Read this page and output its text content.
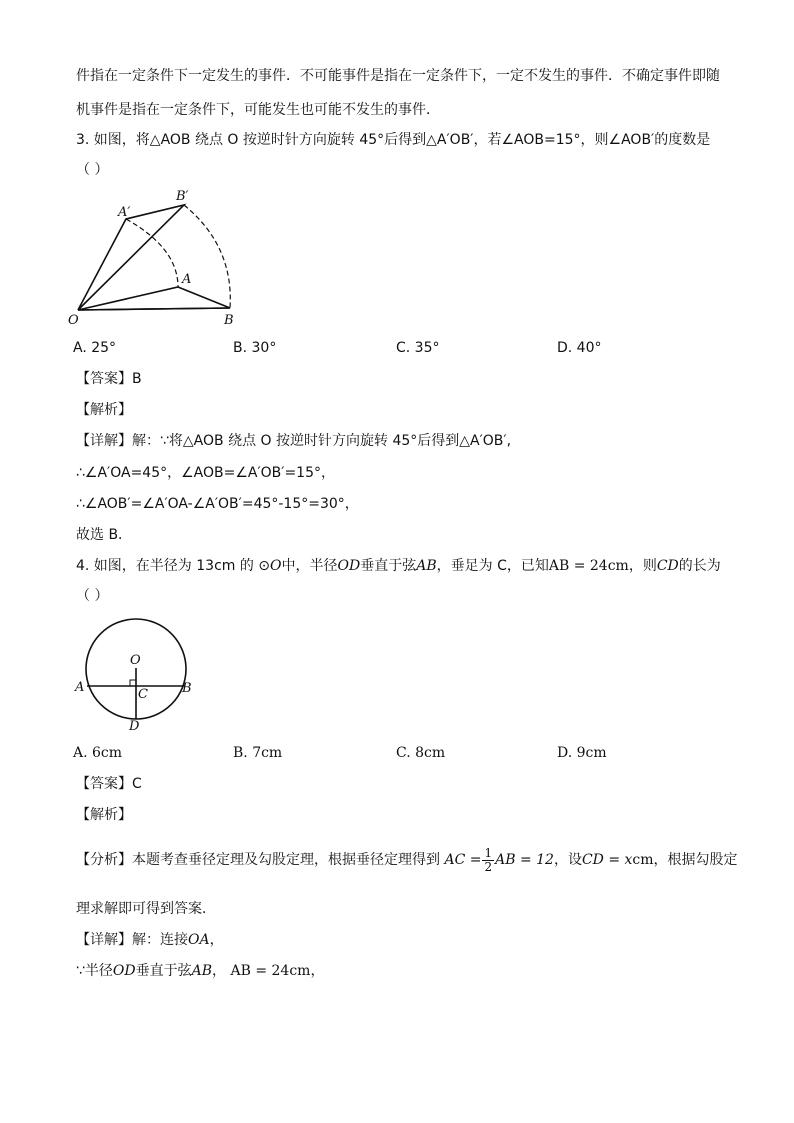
件指在一定条件下一定发生的事件．不可能事件是指在一定条件下，一定不发生的事件．不确定事件即随
机事件是指在一定条件下，可能发生也可能不发生的事件．
3. 如图，将△AOB 绕点 O 按逆时针方向旋转 45°后得到△A′OB′，若∠AOB=15°，则∠AOB′的度数是
（ ）
O	B
A
A′
B′
A. 25°	B. 30°	C. 35°	D. 40°
【答案】B
【解析】
【详解】解：∵将△AOB 绕点 O 按逆时针方向旋转 45°后得到△A′OB′,
∴∠A′OA=45°，∠AOB=∠A′OB′=15°，
∴∠AOB′=∠A′OA-∠A′OB′=45°-15°=30°，
故选 B．
4. 如图，在半径为 13cm 的 ⊙O中，半径OD垂直于弦AB，垂足为 C，已知AB = 24cm，则CD的长为
（ ）
O
A	B
C
D
A. 6cm	B. 7cm	C. 8cm	D. 9cm
【答案】C
【解析】
【分析】本题考查垂径定理及勾股定理，根据垂径定理得到 AC = $\frac{1}{2}$ AB = 12，设CD = xcm，根据勾股定
理求解即可得到答案．
【详解】解：连接OA，
∵半径OD垂直于弦AB， AB = 24cm，
